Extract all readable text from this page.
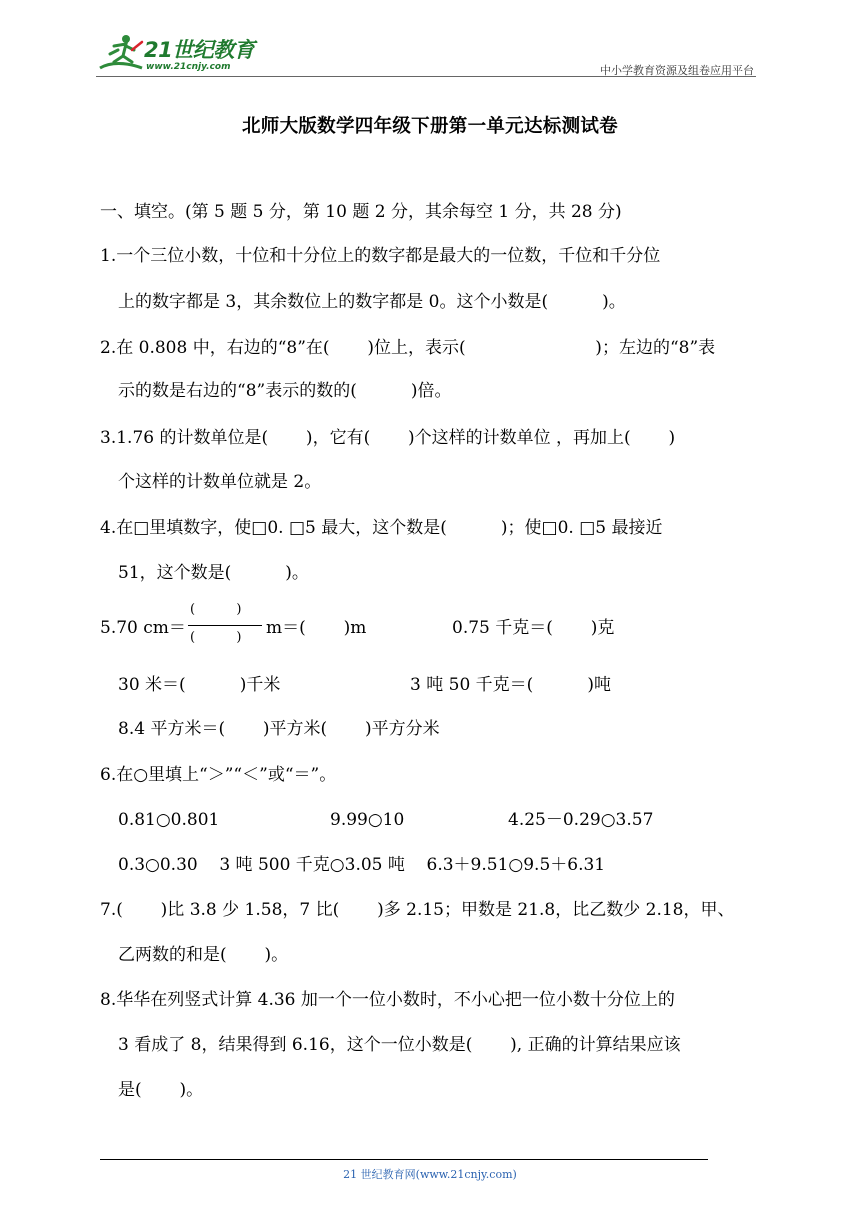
21世纪教育
www.21cnjy.com	中小学教育资源及组卷应用平台
北师大版数学四年级下册第一单元达标测试卷
一、填空。(第 5 题 5 分，第 10 题 2 分，其余每空 1 分，共 28 分)
1.一个三位小数，十位和十分位上的数字都是最大的一位数，千位和千分位
上的数字都是 3，其余数位上的数字都是 0。这个小数是(          )。
2.在 0.808 中，右边的“8”在(       )位上，表示(                        )；左边的“8”表
示的数是右边的“8”表示的数的(          )倍。
3.1.76 的计数单位是(       )，它有(       )个这样的计数单位 ，再加上(       )
个这样的计数单位就是 2。
4.在□里填数字，使□0. □5 最大，这个数是(          )；使□0. □5 最接近
51，这个数是(          )。
5.70 cm＝
(          )
(          ) m＝(       )m	0.75 千克＝(       )克
30 米＝(          )千米	3 吨 50 千克＝(          )吨
8.4 平方米＝(       )平方米(       )平方分米
6.在○里填上“＞”“＜”或“＝”。
0.81○0.801	9.99○10	4.25－0.29○3.57
0.3○0.30    3 吨 500 千克○3.05 吨    6.3＋9.51○9.5＋6.31
7.(       )比 3.8 少 1.58，7 比(       )多 2.15；甲数是 21.8，比乙数少 2.18，甲、
乙两数的和是(       )。
8.华华在列竖式计算 4.36 加一个一位小数时，不小心把一位小数十分位上的
3 看成了 8，结果得到 6.16，这个一位小数是(       ), 正确的计算结果应该
是(       )。
21 世纪教育网(www.21cnjy.com)
